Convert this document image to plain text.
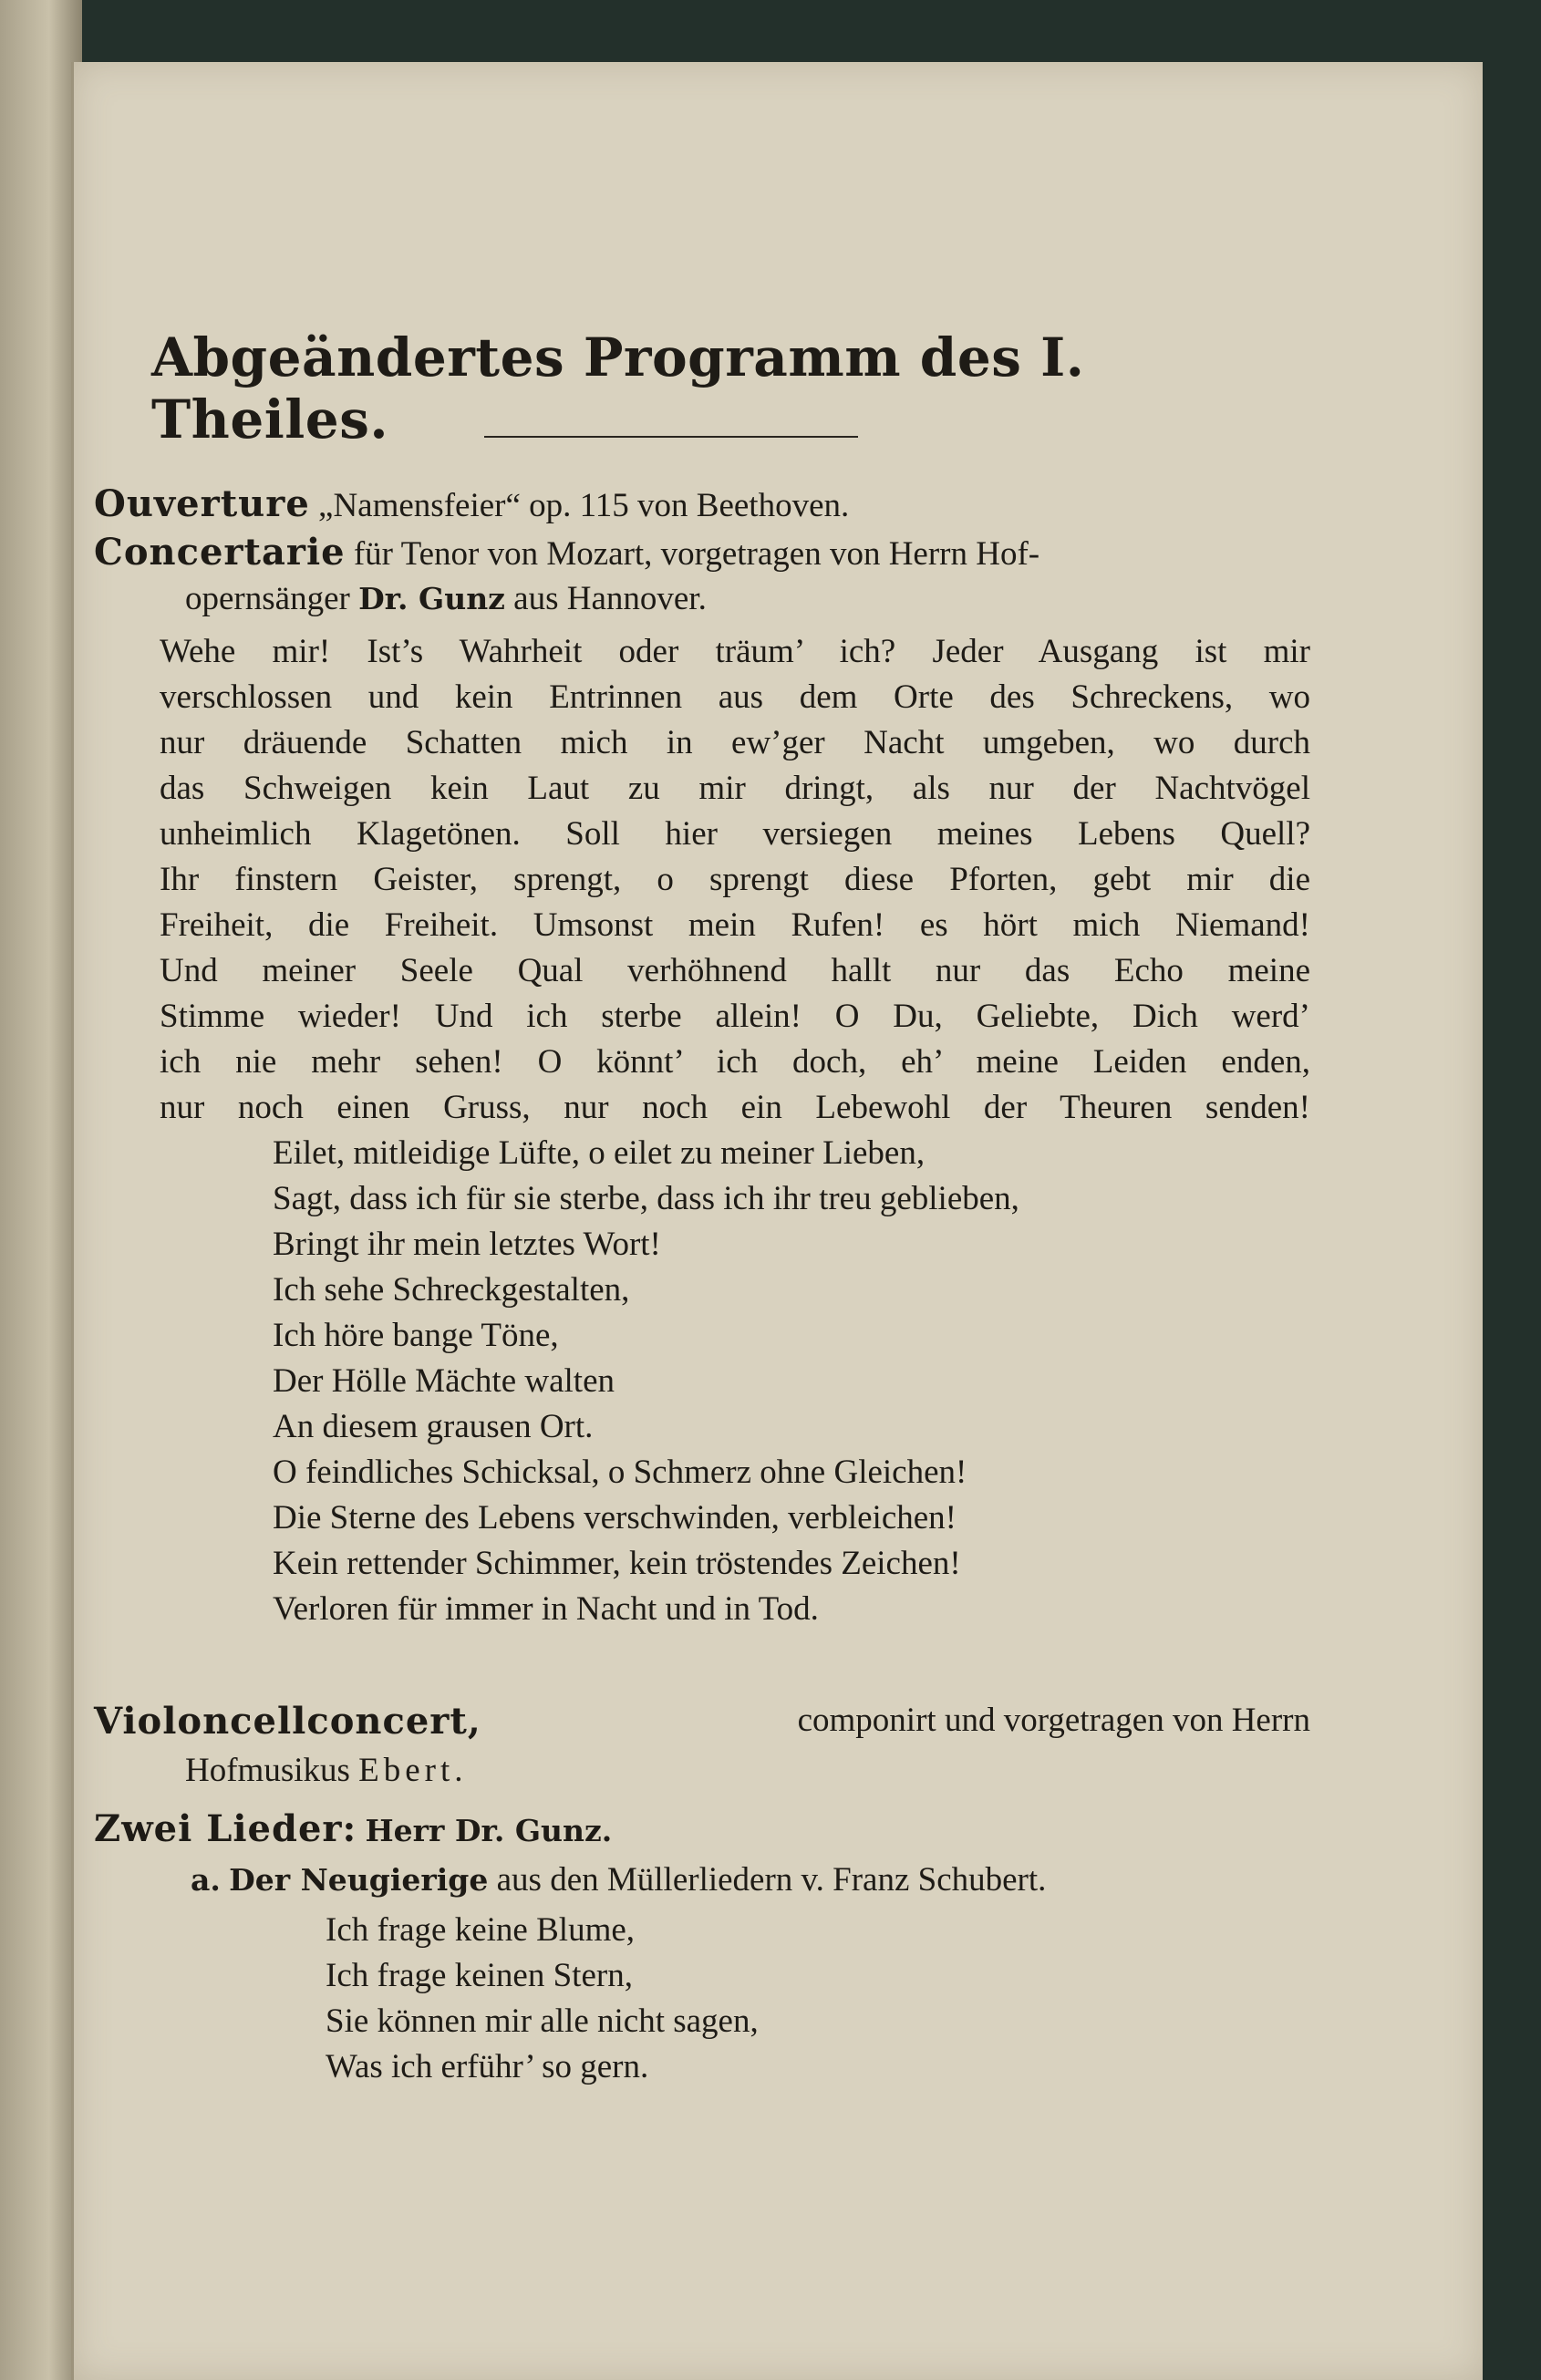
Abgeändertes Programm des I. Theiles.
Ouverture „Namensfeier“ op. 115 von Beethoven.
Concertarie für Tenor von Mozart, vorgetragen von Herrn Hof-
opernsänger Dr. Gunz aus Hannover.
Wehe mir! Ist’s Wahrheit oder träum’ ich? Jeder Ausgang ist mir
verschlossen und kein Entrinnen aus dem Orte des Schreckens, wo
nur dräuende Schatten mich in ew’ger Nacht umgeben, wo durch
das Schweigen kein Laut zu mir dringt, als nur der Nachtvögel
unheimlich Klagetönen. Soll hier versiegen meines Lebens Quell?
Ihr finstern Geister, sprengt, o sprengt diese Pforten, gebt mir die
Freiheit, die Freiheit. Umsonst mein Rufen! es hört mich Niemand!
Und meiner Seele Qual verhöhnend hallt nur das Echo meine
Stimme wieder! Und ich sterbe allein! O Du, Geliebte, Dich werd’
ich nie mehr sehen! O könnt’ ich doch, eh’ meine Leiden enden,
nur noch einen Gruss, nur noch ein Lebewohl der Theuren senden!
Eilet, mitleidige Lüfte, o eilet zu meiner Lieben,
Sagt, dass ich für sie sterbe, dass ich ihr treu geblieben,
Bringt ihr mein letztes Wort!
Ich sehe Schreckgestalten,
Ich höre bange Töne,
Der Hölle Mächte walten
An diesem grausen Ort.
O feindliches Schicksal, o Schmerz ohne Gleichen!
Die Sterne des Lebens verschwinden, verbleichen!
Kein rettender Schimmer, kein tröstendes Zeichen!
Verloren für immer in Nacht und in Tod.
Violoncellconcert,	componirt und vorgetragen von Herrn
Hofmusikus Ebert.
Zwei Lieder: Herr Dr. Gunz.
a. Der Neugierige aus den Müllerliedern v. Franz Schubert.
Ich frage keine Blume,
Ich frage keinen Stern,
Sie können mir alle nicht sagen,
Was ich erführ’ so gern.
